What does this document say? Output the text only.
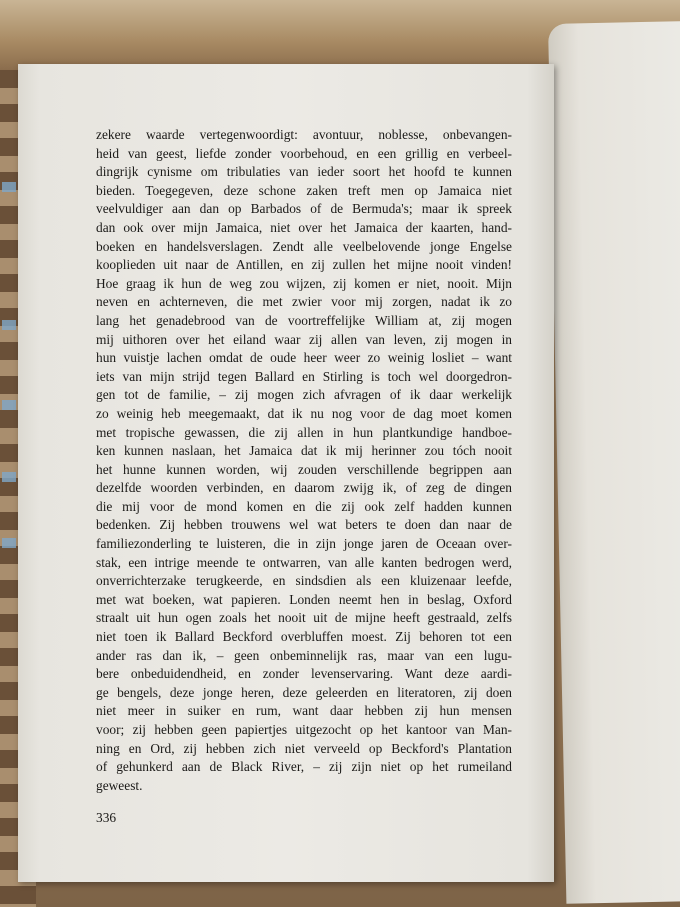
zekere waarde vertegenwoordigt: avontuur, noblesse, onbevangen-
heid van geest, liefde zonder voorbehoud, en een grillig en verbeel-
dingrijk cynisme om tribulaties van ieder soort het hoofd te kunnen
bieden. Toegegeven, deze schone zaken treft men op Jamaica niet
veelvuldiger aan dan op Barbados of de Bermuda's; maar ik spreek
dan ook over mijn Jamaica, niet over het Jamaica der kaarten, hand-
boeken en handelsverslagen. Zendt alle veelbelovende jonge Engelse
kooplieden uit naar de Antillen, en zij zullen het mijne nooit vinden!
Hoe graag ik hun de weg zou wijzen, zij komen er niet, nooit. Mijn
neven en achterneven, die met zwier voor mij zorgen, nadat ik zo
lang het genadebrood van de voortreffelijke William at, zij mogen
mij uithoren over het eiland waar zij allen van leven, zij mogen in
hun vuistje lachen omdat de oude heer weer zo weinig losliet – want
iets van mijn strijd tegen Ballard en Stirling is toch wel doorgedron-
gen tot de familie, – zij mogen zich afvragen of ik daar werkelijk
zo weinig heb meegemaakt, dat ik nu nog voor de dag moet komen
met tropische gewassen, die zij allen in hun plantkundige handboe-
ken kunnen naslaan, het Jamaica dat ik mij herinner zou tóch nooit
het hunne kunnen worden, wij zouden verschillende begrippen aan
dezelfde woorden verbinden, en daarom zwijg ik, of zeg de dingen
die mij voor de mond komen en die zij ook zelf hadden kunnen
bedenken. Zij hebben trouwens wel wat beters te doen dan naar de
familiezonderling te luisteren, die in zijn jonge jaren de Oceaan over-
stak, een intrige meende te ontwarren, van alle kanten bedrogen werd,
onverrichterzake terugkeerde, en sindsdien als een kluizenaar leefde,
met wat boeken, wat papieren. Londen neemt hen in beslag, Oxford
straalt uit hun ogen zoals het nooit uit de mijne heeft gestraald, zelfs
niet toen ik Ballard Beckford overbluffen moest. Zij behoren tot een
ander ras dan ik, – geen onbeminnelijk ras, maar van een lugu-
bere onbeduidendheid, en zonder levenservaring. Want deze aardi-
ge bengels, deze jonge heren, deze geleerden en literatoren, zij doen
niet meer in suiker en rum, want daar hebben zij hun mensen
voor; zij hebben geen papiertjes uitgezocht op het kantoor van Man-
ning en Ord, zij hebben zich niet verveeld op Beckford's Plantation
of gehunkerd aan de Black River, – zij zijn niet op het rumeiland
geweest.
336
